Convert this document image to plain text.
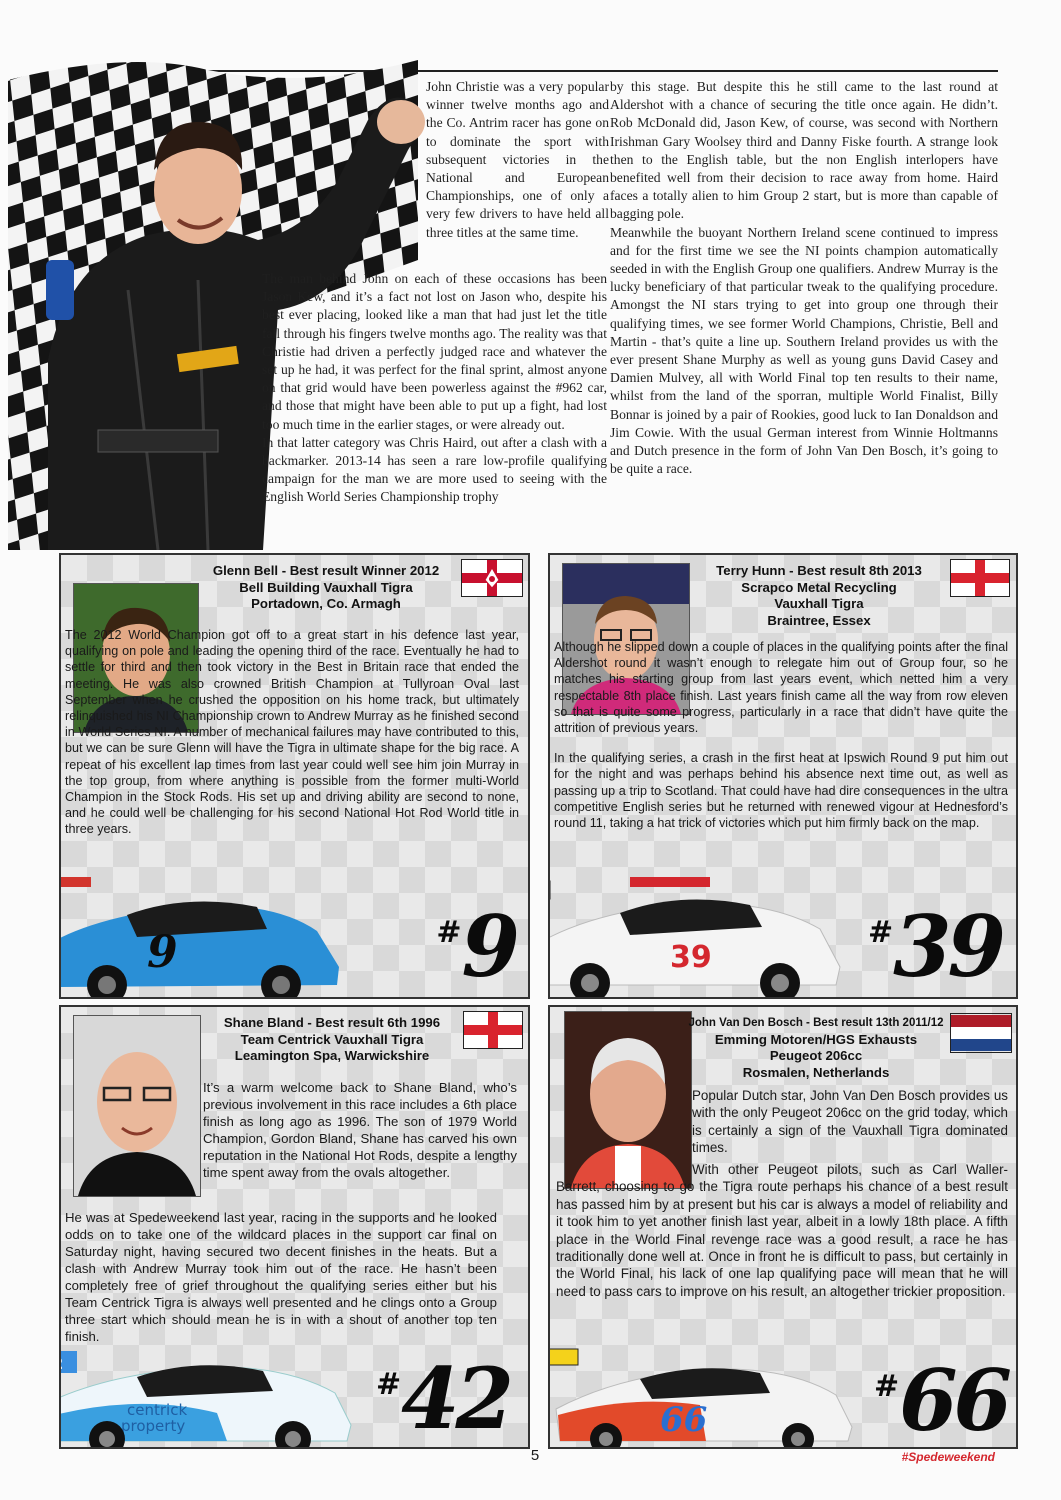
John Christie was a very popular winner twelve months ago and the Co. Antrim racer has gone on to dominate the sport with subsequent victories in the National and European Championships, one of only a very few drivers to have held all three titles at the same time.

The man behind John on each of these occasions has been Jason Kew, and it’s a fact not lost on Jason who, despite his best ever placing, looked like a man that had just let the title fall through his fingers twelve months ago. The reality was that Christie had driven a perfectly judged race and whatever the set up he had, it was perfect for the final sprint, almost anyone on that grid would have been powerless against the #962 car, and those that might have been able to put up a fight, had lost too much time in the earlier stages, or were already out.

In that latter category was Chris Haird, out after a clash with a backmarker. 2013-14 has seen a rare low-profile qualifying campaign for the man we are more used to seeing with the English World Series Championship trophy

by this stage. But despite this he still came to the last round at Aldershot with a chance of securing the title once again. He didn’t. Rob McDonald did, Jason Kew, of course, was second with Northern Irishman Gary Woolsey third and Danny Fiske fourth. A strange look then to the English table, but the non English interlopers have benefited well from their decision to race away from home. Haird faces a totally alien to him Group 2 start, but is more than capable of bagging pole.

Meanwhile the buoyant Northern Ireland scene continued to impress and for the first time we see the NI points champion automatically seeded in with the English Group one qualifiers. Andrew Murray is the lucky beneficiary of that particular tweak to the qualifying procedure. Amongst the NI stars trying to get into group one through their qualifying times, we see former World Champions, Christie, Bell and Martin - that’s quite a line up. Southern Ireland provides us with the ever present Shane Murphy as well as young guns David Casey and Damien Mulvey, all with World Final top ten results to their name, whilst from the land of the sporran, multiple World Finalist, Billy Bonnar is joined by a pair of Rookies, good luck to Ian Donaldson and Jim Cowie. With the usual German interest from Winnie Holtmanns and Dutch presence in the form of John Van Den Bosch, it’s going to be quite a race.

Glenn Bell - Best result Winner 2012
Bell Building Vauxhall Tigra
Portadown, Co. Armagh

The 2012 World Champion got off to a great start in his defence last year, qualifying on pole and leading the opening third of the race. Eventually he had to settle for third and then took victory in the Best in Britain race that ended the meeting. He was also crowned British Champion at Tullyroan Oval last September when he crushed the opposition on his home track, but ultimately relinquished his NI Championship crown to Andrew Murray as he finished second in World Series NI. A number of mechanical failures may have contributed to this, but we can be sure Glenn will have the Tigra in ultimate shape for the big race. A repeat of his excellent lap times from last year could well see him join Murray in the top group, from where anything is possible from the former multi-World Champion in the Stock Rods. His set up and driving ability are second to none, and he could well be challenging for his second National Hot Rod World title in three years.

9	#9
Terry Hunn - Best result 8th 2013
Scrapco Metal Recycling
Vauxhall Tigra
Braintree, Essex

Although he slipped down a couple of places in the qualifying points after the final Aldershot round it wasn’t enough to relegate him out of Group four, so he matches his starting group from last years event, which netted him a very respectable 8th place finish. Last years finish came all the way from row eleven so that is quite some progress, particularly in a race that didn’t have quite the attrition of previous years.

In the qualifying series, a crash in the first heat at Ipswich Round 9 put him out for the night and was perhaps behind his absence next time out, as well as passing up a trip to Scotland. That could have had dire consequences in the ultra competitive English series but he returned with renewed vigour at Hednesford’s round 11, taking a hat trick of victories which put him firmly back on the map.

39
#39
Shane Bland - Best result 6th 1996
Team Centrick Vauxhall Tigra
Leamington Spa, Warwickshire

It’s a warm welcome back to Shane Bland, who’s previous involvement in this race includes a 6th place finish as long ago as 1996. The son of 1979 World Champion, Gordon Bland, Shane has carved his own reputation in the National Hot Rods, despite a lengthy time spent away from the ovals altogether.

He was at Spedeweekend last year, racing in the supports and he looked odds on to take one of the wildcard places in the support car final on Saturday night, having secured two decent finishes in the heats. But a clash with Andrew Murray took him out of the race. He hasn’t been completely free of grief throughout the qualifying series either but his Team Centrick Tigra is always well presented and he clings onto a Group three start which should mean he is in with a shout of another top ten finish.

42
centrick
property
#42
John Van Den Bosch - Best result 13th 2011/12
Emming Motoren/HGS Exhausts
Peugeot 206cc
Rosmalen, Netherlands

Popular Dutch star, John Van Den Bosch provides us with the only Peugeot 206cc on the grid today, which is certainly a sign of the Vauxhall Tigra dominated times.

With other Peugeot pilots, such as Carl Waller-Barrett, choosing to go the Tigra route perhaps his chance of a best result has passed him by at present but his car is always a model of reliability and it took him to yet another finish last year, albeit in a lowly 18th place. A fifth place in the World Final revenge race was a good result, a race he has traditionally done well at. Once in front he is difficult to pass, but certainly in the World Final, his lack of one lap qualifying pace will mean that he will need to pass cars to improve on his result, an altogether trickier proposition.

66
#66
5	#Spedeweekend
